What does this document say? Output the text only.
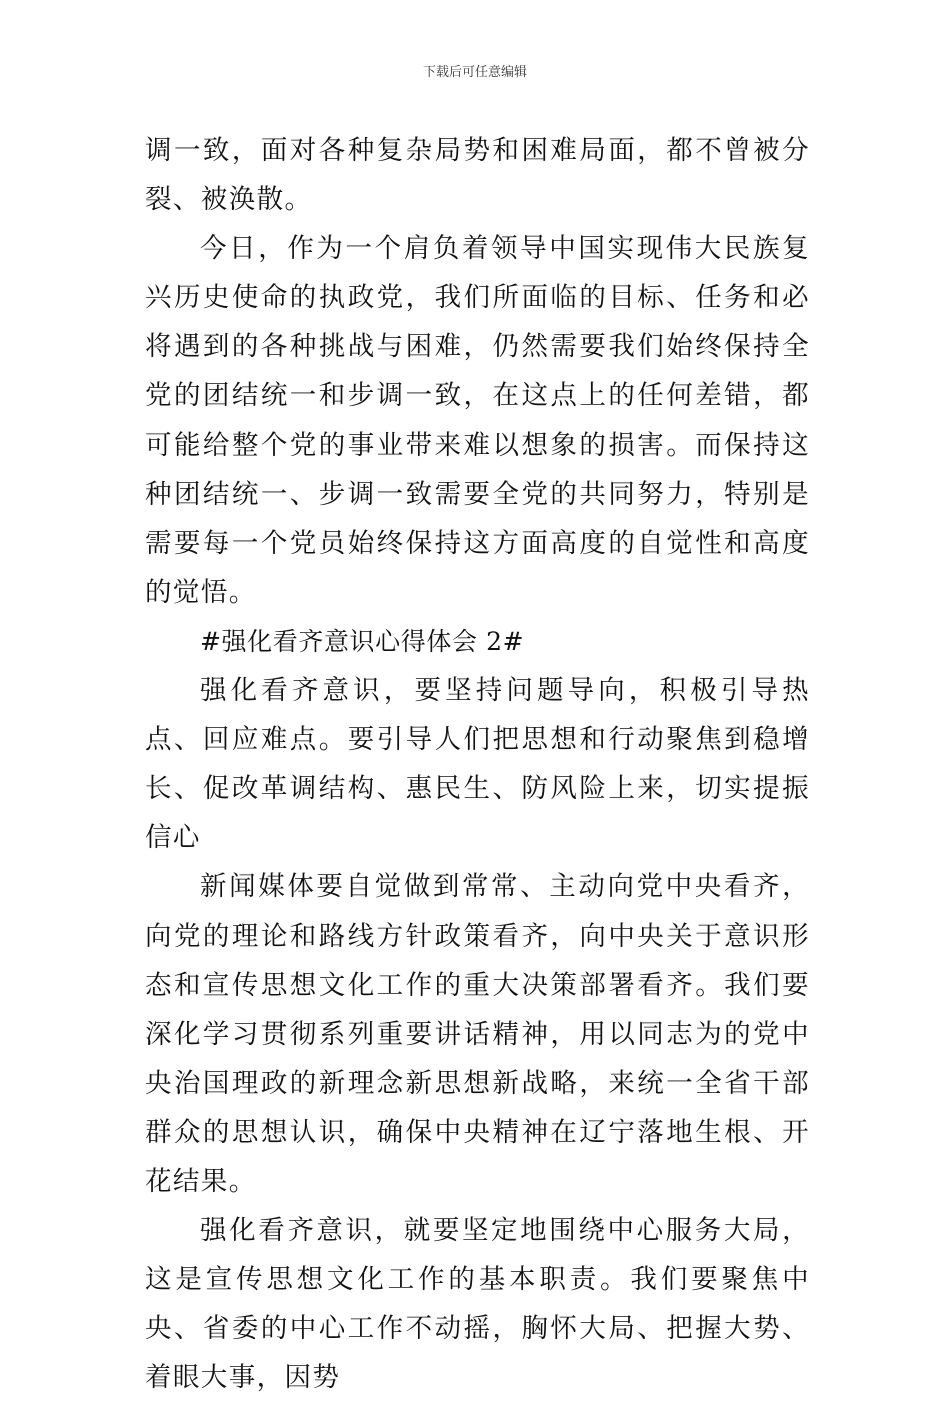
下载后可任意编辑

调一致，面对各种复杂局势和困难局面，都不曾被分裂、被涣散。

今日，作为一个肩负着领导中国实现伟大民族复兴历史使命的执政党，我们所面临的目标、任务和必将遇到的各种挑战与困难，仍然需要我们始终保持全党的团结统一和步调一致，在这点上的任何差错，都可能给整个党的事业带来难以想象的损害。而保持这种团结统一、步调一致需要全党的共同努力，特别是需要每一个党员始终保持这方面高度的自觉性和高度的觉悟。

#强化看齐意识心得体会 2#

强化看齐意识，要坚持问题导向，积极引导热点、回应难点。要引导人们把思想和行动聚焦到稳增长、促改革调结构、惠民生、防风险上来，切实提振信心

新闻媒体要自觉做到常常、主动向党中央看齐，向党的理论和路线方针政策看齐，向中央关于意识形态和宣传思想文化工作的重大决策部署看齐。我们要深化学习贯彻系列重要讲话精神，用以同志为的党中央治国理政的新理念新思想新战略，来统一全省干部群众的思想认识，确保中央精神在辽宁落地生根、开花结果。

强化看齐意识，就要坚定地围绕中心服务大局，这是宣传思想文化工作的基本职责。我们要聚焦中央、省委的中心工作不动摇，胸怀大局、把握大势、着眼大事，因势
